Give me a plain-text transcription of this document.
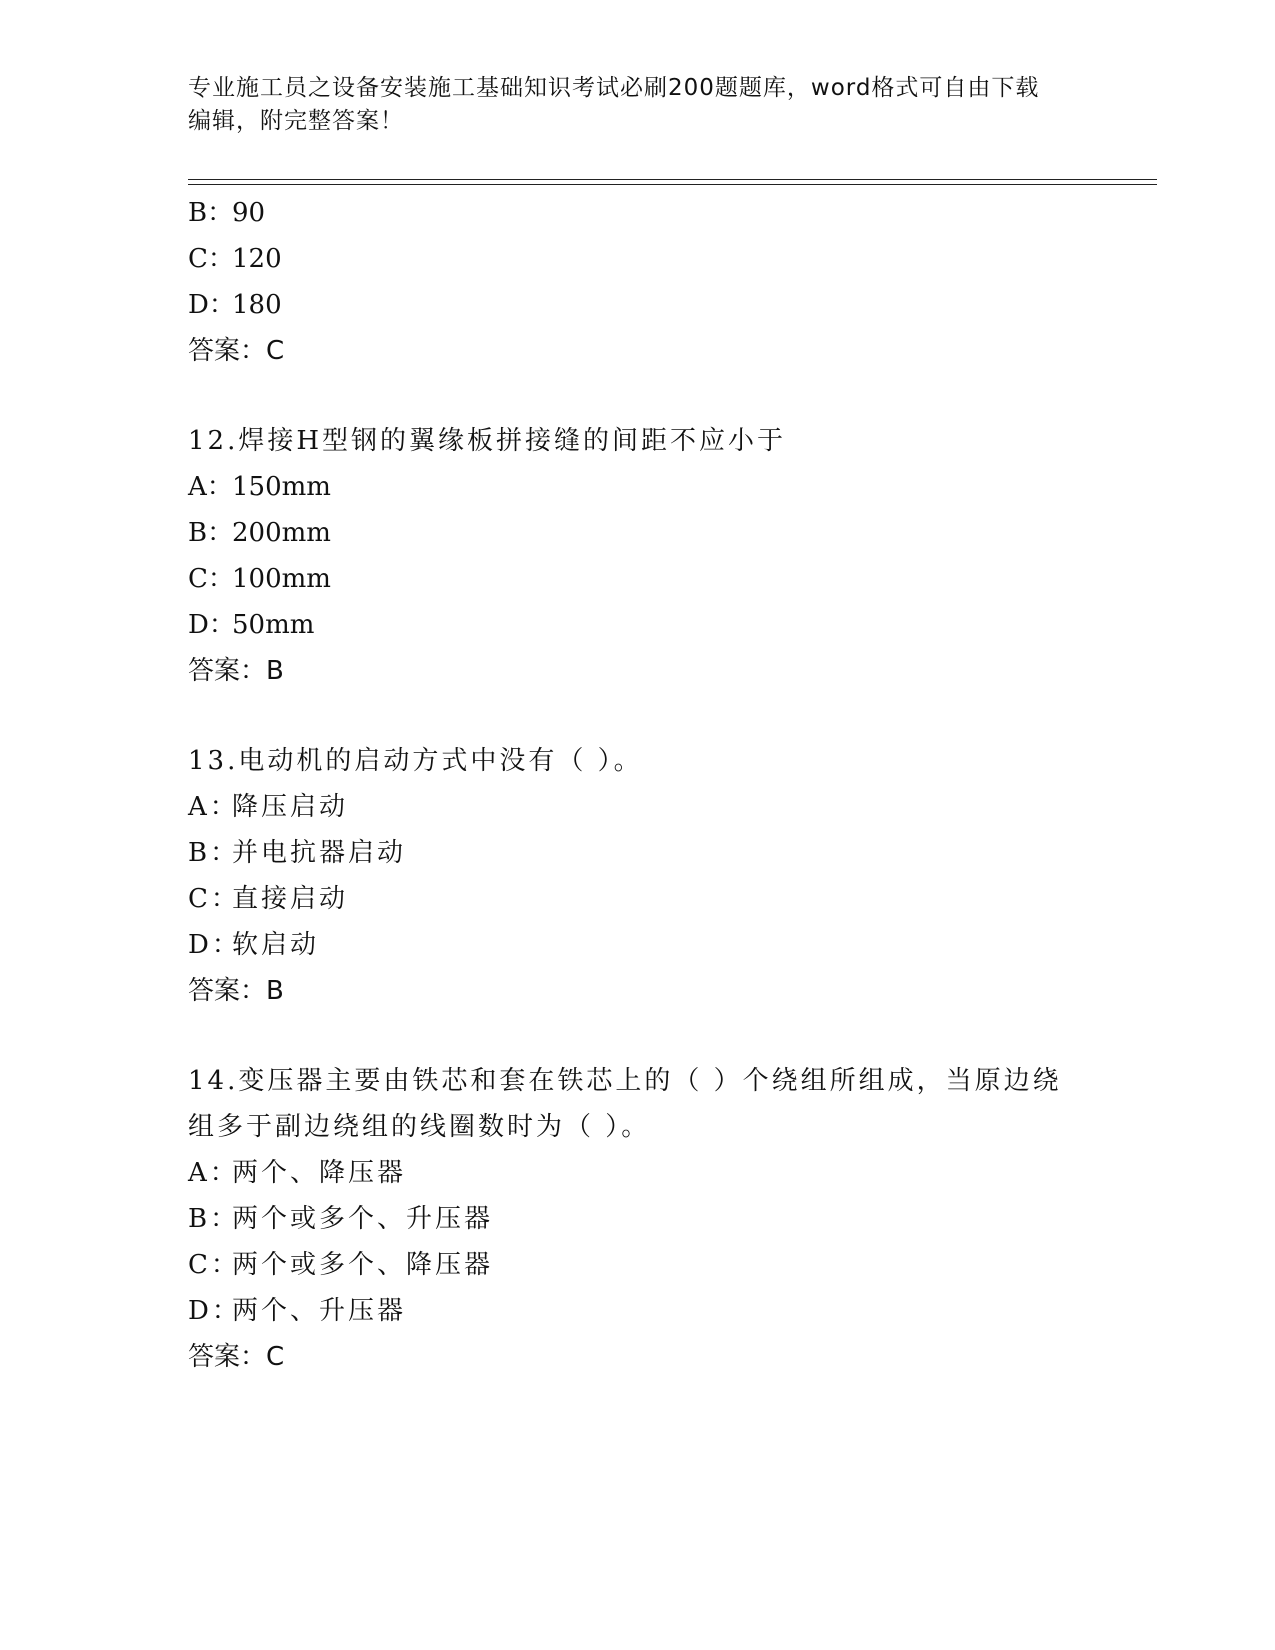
专业施工员之设备安装施工基础知识考试必刷200题题库，word格式可自由下载
编辑，附完整答案！
B：90
C：120
D：180
答案：C
12.焊接H型钢的翼缘板拼接缝的间距不应小于
A：150mm
B：200mm
C：100mm
D：50mm
答案：B
13.电动机的启动方式中没有（ ）。
A：降压启动
B：并电抗器启动
C：直接启动
D：软启动
答案：B
14.变压器主要由铁芯和套在铁芯上的（ ）个绕组所组成，当原边绕
组多于副边绕组的线圈数时为（ ）。
A：两个、降压器
B：两个或多个、升压器
C：两个或多个、降压器
D：两个、升压器
答案：C
